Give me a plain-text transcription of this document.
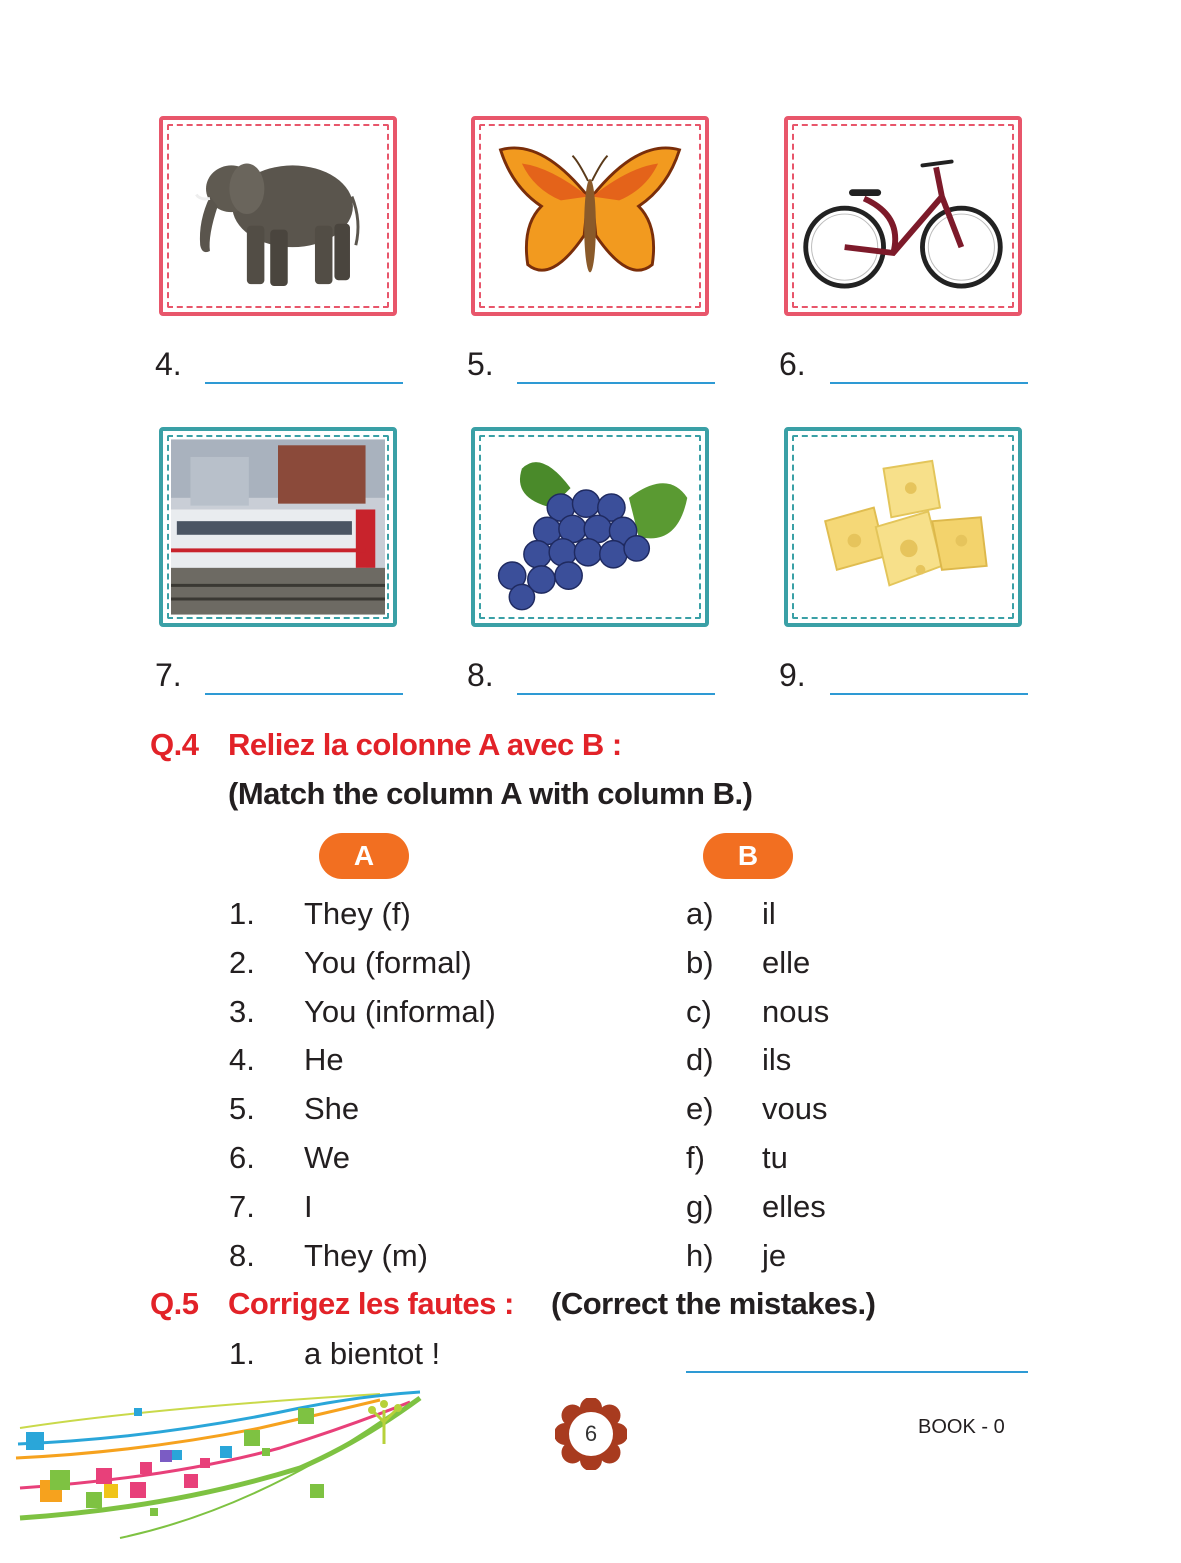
4.	5.	6.
7.	8.	9.
Q.4 Reliez la colonne A avec B :
(Match the column A with column B.)
A	B
1. They (f)	a) il
2. You (formal)	b) elle
3. You (informal)	c) nous
4. He	d) ils
5. She	e) vous
6. We	f) tu
7. I	g) elles
8. They (m)	h) je
Q.5 Corrigez les fautes : (Correct the mistakes.)
1. a bientot !
6	BOOK - 0
